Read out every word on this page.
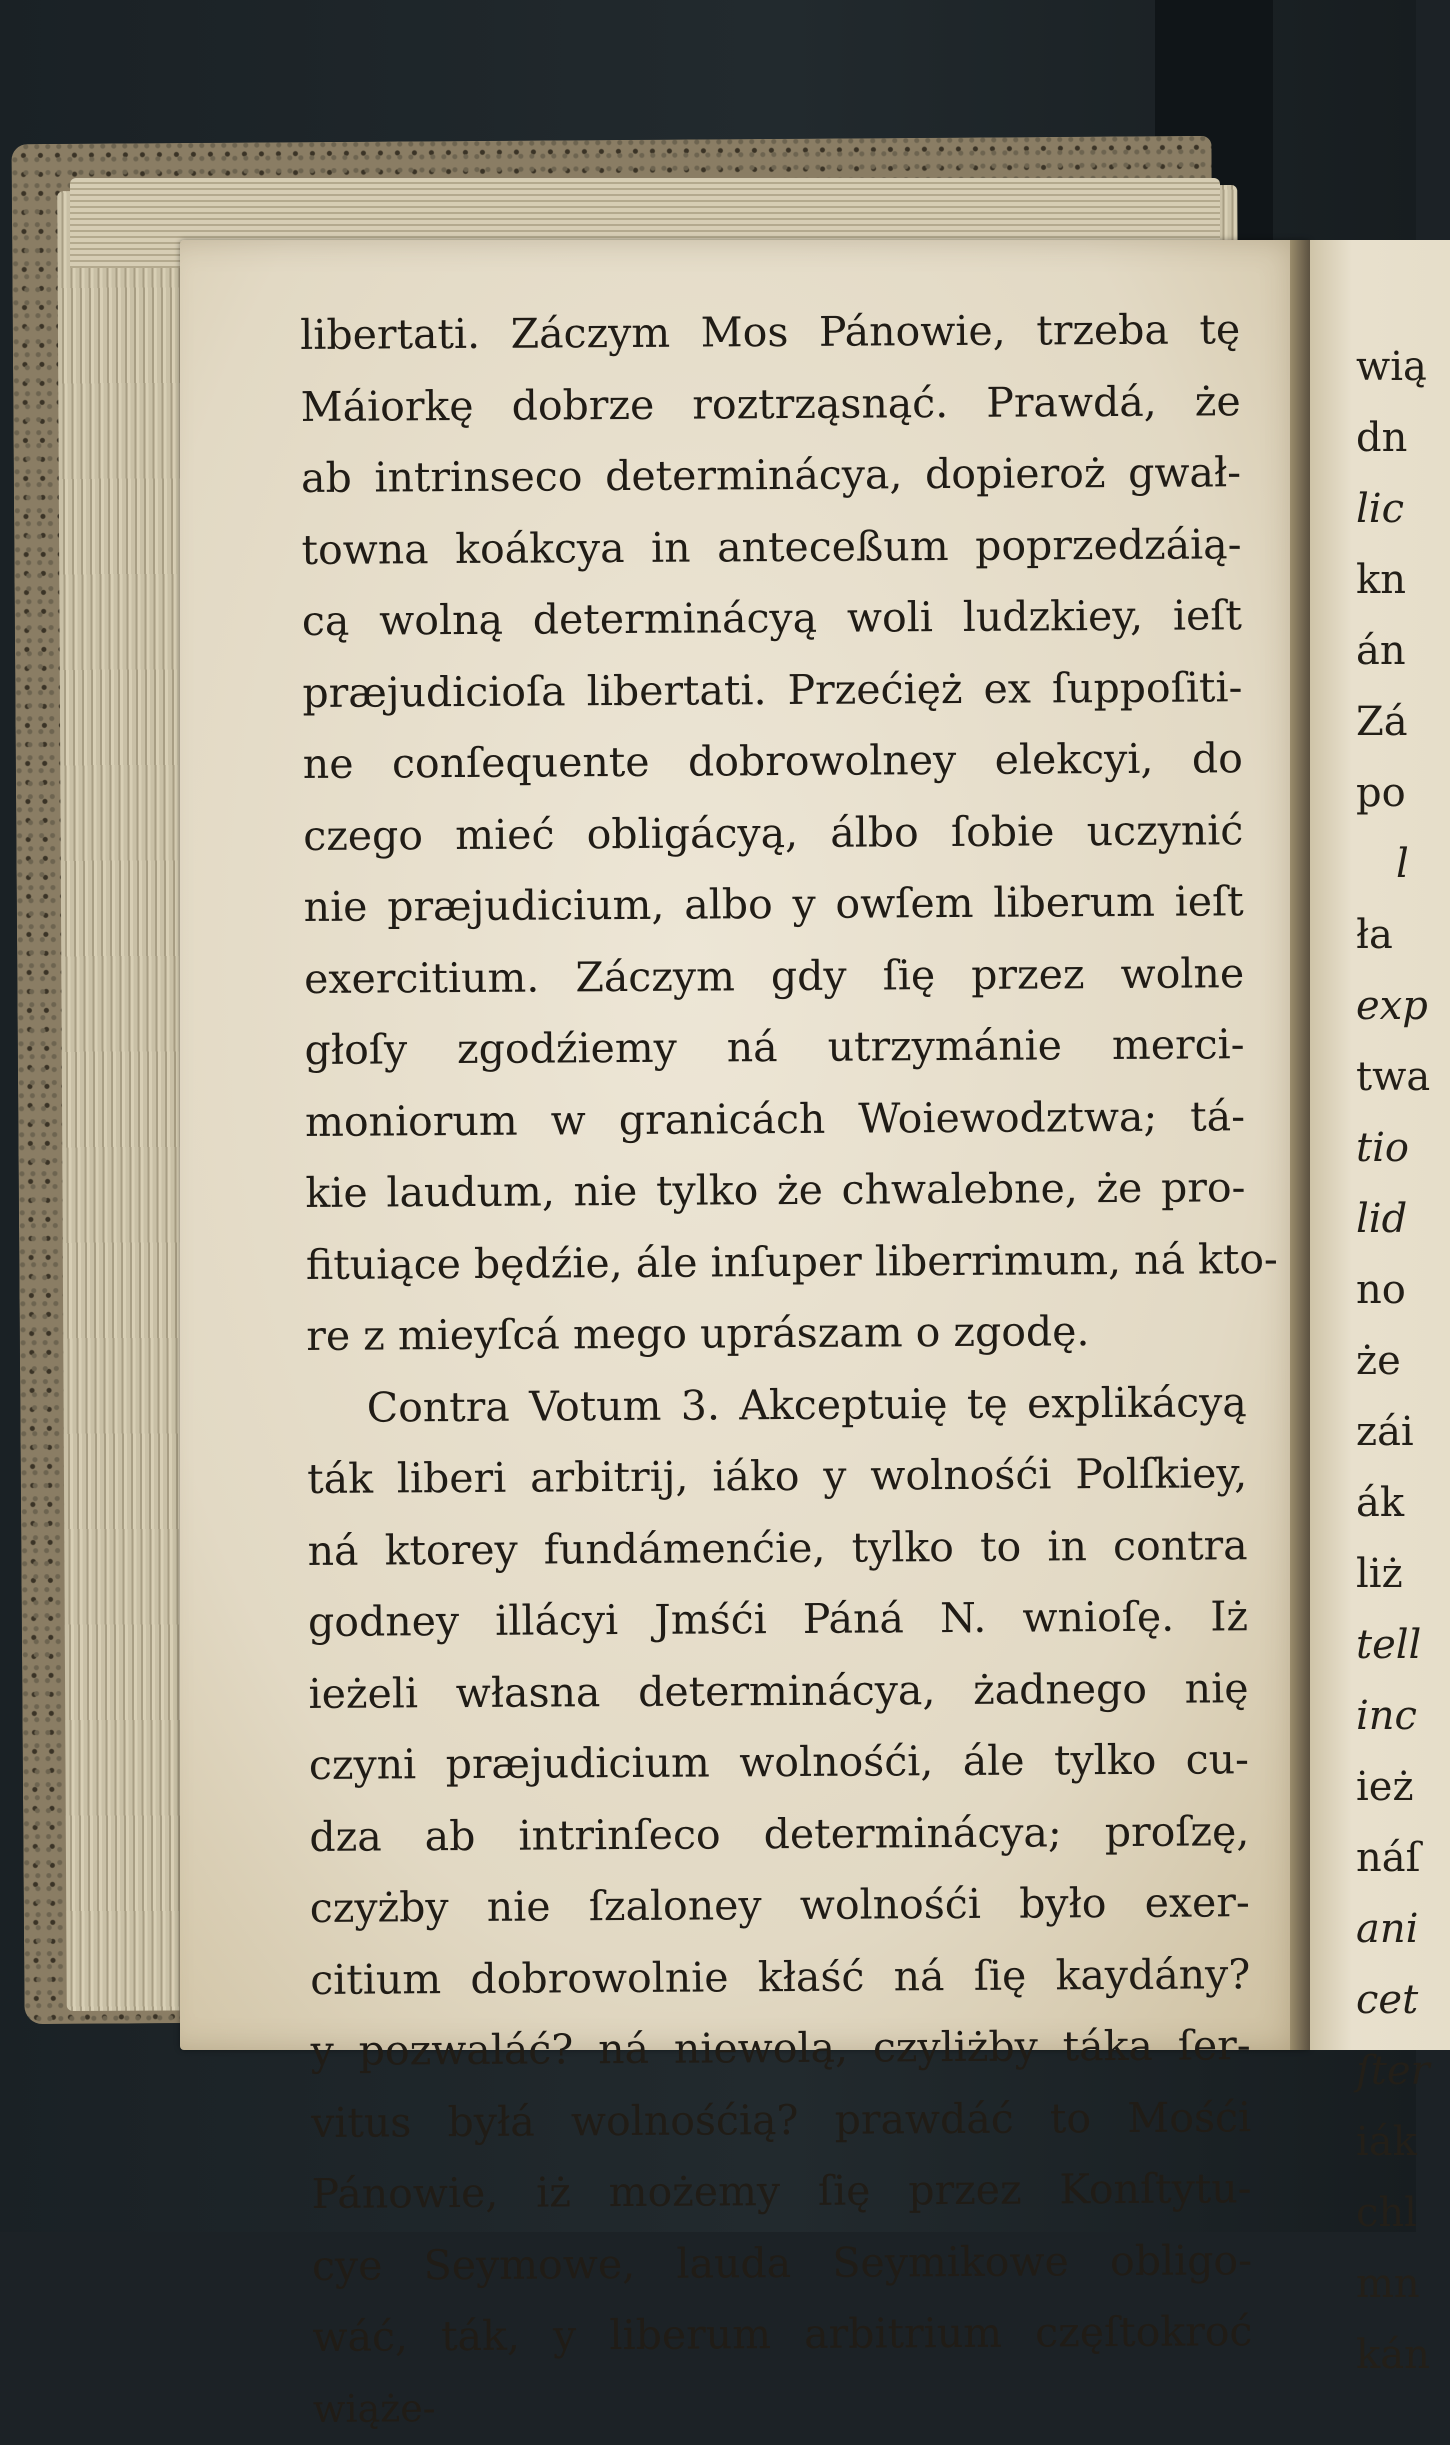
wią
dn
lic
kn
án
Zá
po
l
ła
exp
twa
tio
lid
no
że
zái
ák
liż
tell
inc
ież
náſ
ani
cet
ſter
iák
chl
mn
kán
libertati. Záczym Mos Pánowie, trzeba tę
Máiorkę dobrze roztrząsnąć. Prawdá, że
ab intrinseco determinácya, dopieroż gwał-
towna koákcya in anteceßum poprzedzáią-
cą wolną determinácyą woli ludzkiey, ieſt
præjudicioſa libertati. Przećięż ex ſuppoſiti-
ne conſequente dobrowolney elekcyi, do
czego mieć obligácyą, álbo ſobie uczynić
nie præjudicium, albo y owſem liberum ieſt
exercitium. Záczym gdy ſię przez wolne
głoſy zgodźiemy ná utrzymánie merci-
moniorum w granicách Woiewodztwa; tá-
kie laudum, nie tylko że chwalebne, że pro-
fituiące będźie, ále inſuper liberrimum, ná kto-
re z mieyſcá mego uprászam o zgodę.
Contra Votum 3. Akceptuię tę explikácyą
ták liberi arbitrij, iáko y wolnośći Polſkiey,
ná ktorey fundámenćie, tylko to in contra
godney illácyi Jmśći Páná N. wnioſę. Iż
ieżeli własna determinácya, żadnego nię
czyni præjudicium wolnośći, ále tylko cu-
dza ab intrinſeco determinácya; proſzę,
czyżby nie ſzaloney wolnośći było exer-
citium dobrowolnie kłaść ná ſię kaydány?
y pozwaláć? ná niewolą, czyliżby táka ſer-
vitus byłá wolnośćią? prawdáć to Mośći
Pánowie, iż możemy ſię przez Konſtytu-
cye Seymowe, lauda Seymikowe obligo-
wáć, ták, y liberum arbitrium częſtokroć
wiąże-
